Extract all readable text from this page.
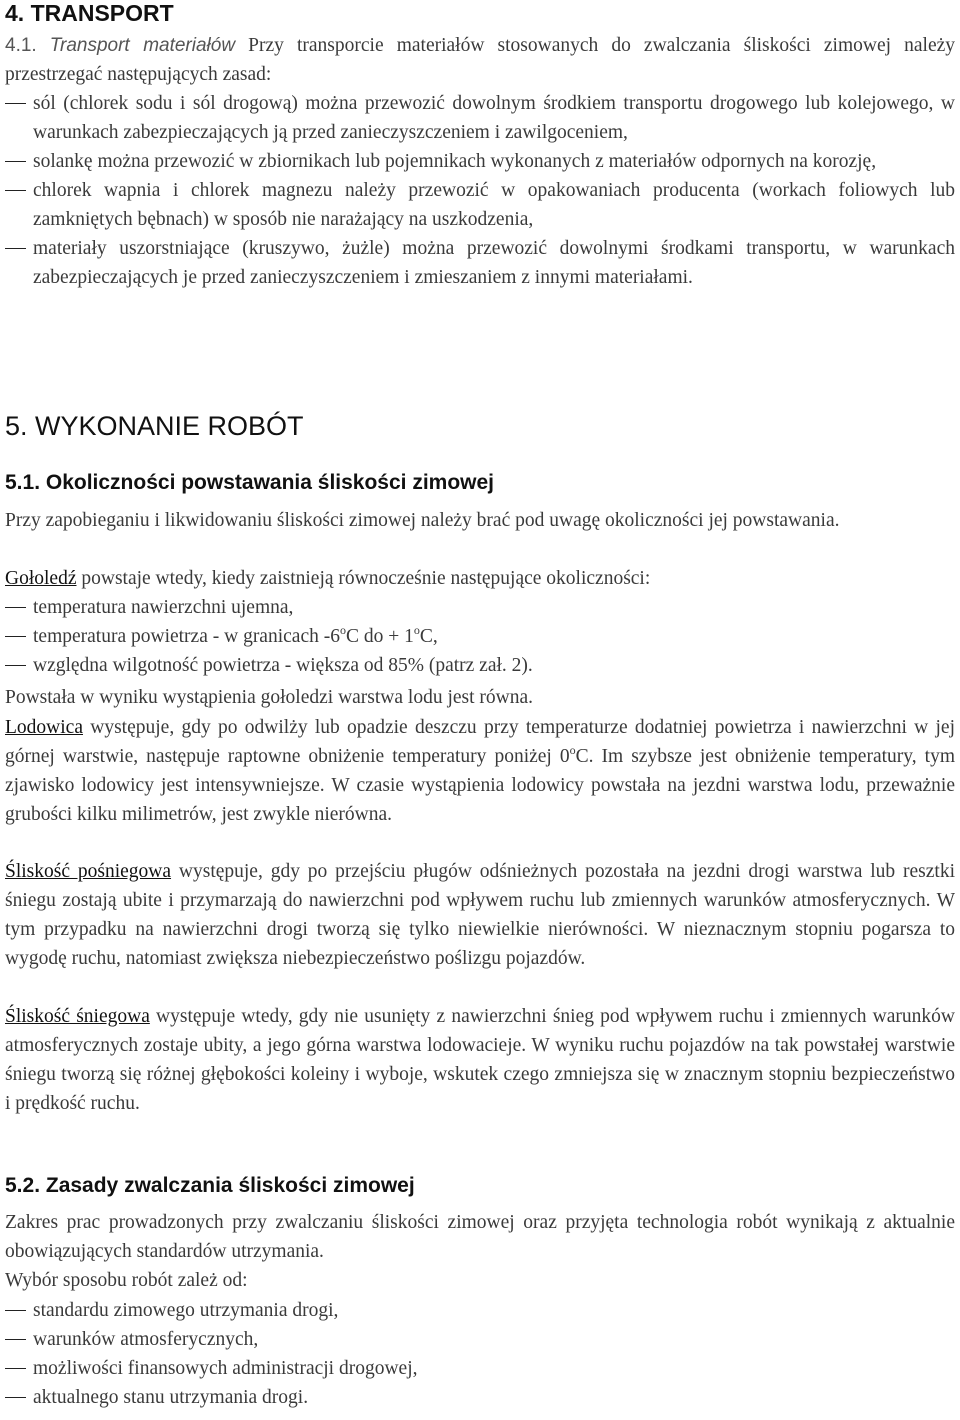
4. TRANSPORT
4.1. Transport materiałów Przy transporcie materiałów stosowanych do zwalczania śliskości zimowej należy przestrzegać następujących zasad:
sól (chlorek sodu i sól drogową) można przewozić dowolnym środkiem transportu drogowego lub kolejowego, w warunkach zabezpieczających ją przed zanieczyszczeniem i zawilgoceniem,
solankę można przewozić w zbiornikach lub pojemnikach wykonanych z materiałów odpornych na korozję,
chlorek wapnia i chlorek magnezu należy przewozić w opakowaniach producenta (workach foliowych lub zamkniętych bębnach) w sposób nie narażający na uszkodzenia,
materiały uszorstniające (kruszywo, żużle) można przewozić dowolnymi środkami transportu, w warunkach zabezpieczających je przed zanieczyszczeniem i zmieszaniem z innymi materiałami.
5. WYKONANIE ROBÓT
5.1. Okoliczności powstawania śliskości zimowej
Przy zapobieganiu i likwidowaniu śliskości zimowej należy brać pod uwagę okoliczności jej powstawania.
Gołoledź powstaje wtedy, kiedy zaistnieją równocześnie następujące okoliczności:
temperatura nawierzchni ujemna,
temperatura powietrza - w granicach -6$^o$C do + $1^oC$,
względna wilgotność powietrza - większa od 85% (patrz zał. 2).
Powstała w wyniku wystąpienia gołoledzi warstwa lodu jest równa.
Lodowica występuje, gdy po odwilży lub opadzie deszczu przy temperaturze dodatniej powietrza i nawierzchni w jej górnej warstwie, następuje raptowne obniżenie temperatury poniżej 0$^o$C. Im szybsze jest obniżenie temperatury, tym zjawisko lodowicy jest intensywniejsze. W czasie wystąpienia lodowicy powstała na jezdni warstwa lodu, przeważnie grubości kilku milimetrów, jest zwykle nierówna.
Śliskość pośniegowa występuje, gdy po przejściu pługów odśnieżnych pozostała na jezdni drogi warstwa lub resztki śniegu zostają ubite i przymarzają do nawierzchni pod wpływem ruchu lub zmiennych warunków atmosferycznych. W tym przypadku na nawierzchni drogi tworzą się tylko niewielkie nierówności. W nieznacznym stopniu pogarsza to wygodę ruchu, natomiast zwiększa niebezpieczeństwo poślizgu pojazdów.
Śliskość śniegowa występuje wtedy, gdy nie usunięty z nawierzchni śnieg pod wpływem ruchu i zmiennych warunków atmosferycznych zostaje ubity, a jego górna warstwa lodowacieje. W wyniku ruchu pojazdów na tak powstałej warstwie śniegu tworzą się różnej głębokości koleiny i wyboje, wskutek czego zmniejsza się w znacznym stopniu bezpieczeństwo i prędkość ruchu.
5.2. Zasady zwalczania śliskości zimowej
Zakres prac prowadzonych przy zwalczaniu śliskości zimowej oraz przyjęta technologia robót wynikają z aktualnie obowiązujących standardów utrzymania.
Wybór sposobu robót zależ od:
standardu zimowego utrzymania drogi,
warunków atmosferycznych,
możliwości finansowych administracji drogowej,
aktualnego stanu utrzymania drogi.
